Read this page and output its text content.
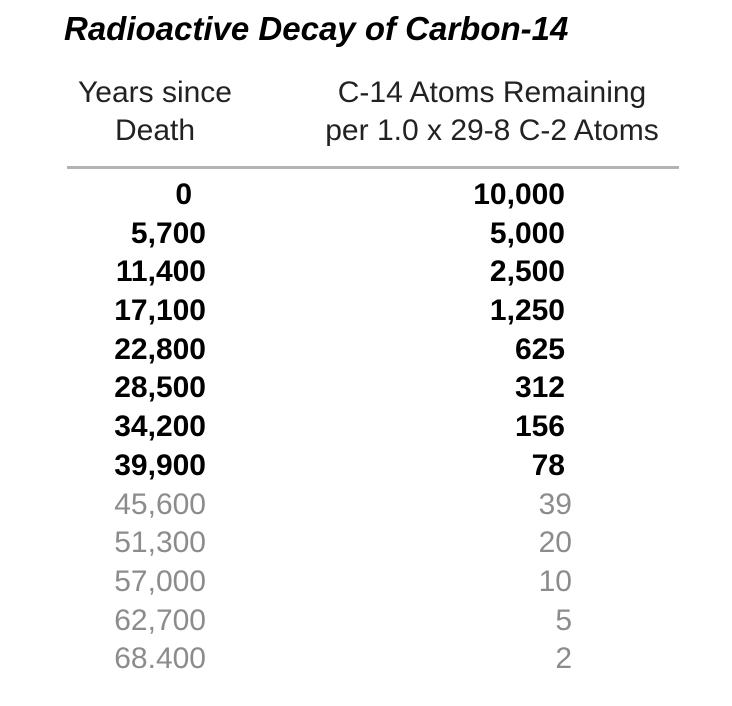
Radioactive Decay of Carbon-14
Years since
Death
C-14 Atoms Remaining
per 1.0 x 29-8 C-2 Atoms
0	10,000
5,700	5,000
11,400	2,500
17,100	1,250
22,800	625
28,500	312
34,200	156
39,900	78
45,600	39
51,300	20
57,000	10
62,700	5
68.400	2
